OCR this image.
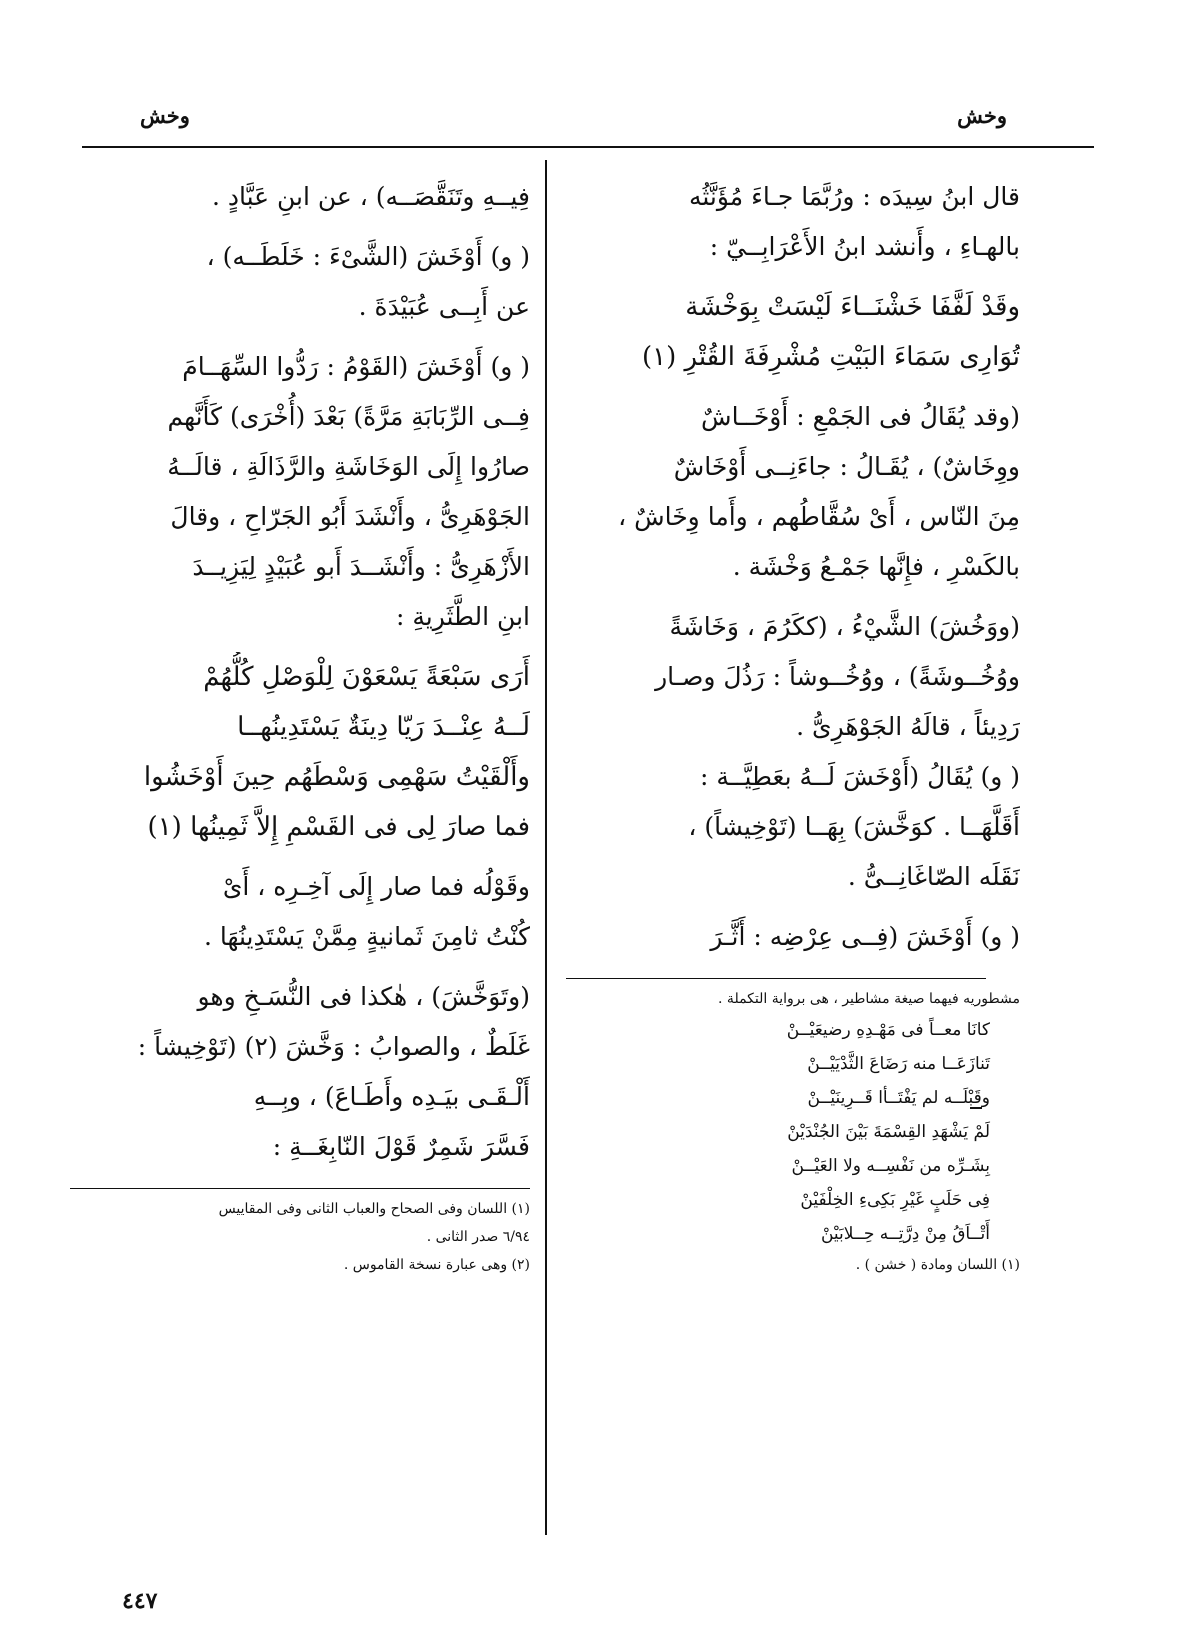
وخش
وخش
قال ابنُ سِيدَه : ورُبَّمَا جـاءَ مُؤَنَّثُه
بالهـاءِ ، وأَنشد ابنُ الأَعْرَابِــيّ :
وقَدْ لَفَّفَا خَشْنَــاءَ لَيْسَتْ بِوَخْشَة
تُوَارِى سَمَاءَ البَيْتِ مُشْرِفَةَ القُتْرِ (١)
(وقد يُقَالُ فى الجَمْعِ : أَوْخَــاشٌ
ووِخَاشٌ) ، يُقَـالُ : جاءَنِــى أَوْخَاشٌ
مِنَ النّاس ، أَىْ سُقَّاطُهم ، وأَما وِخَاشٌ ،
بالكَسْرِ ، فإِنَّها جَمْـعُ وَخْشَة .
(ووَخُشَ) الشَّيْءُ ، (ككَرُمَ ، وَخَاشَةً
ووُخُــوشَةً) ، ووُخُــوشاً : رَذُلَ وصـار
رَدِيئاً ، قالَهُ الجَوْهَرِىُّ .
( و) يُقَالُ (أَوْخَشَ لَــهُ بعَطِيَّــة :
أَقَلَّهَــا . كوَخَّشَ) بِهَــا (تَوْخِيشاً) ،
نَقَلَه الصّاغَانِــىُّ .
( و) أَوْخَشَ (فِــى عِرْضِه : أَثَّـرَ
مشطوريه فيهما صيغة مشاطير ، هى برواية التكملة .
كانَا معــاً فى مَهْـدِهِ رضيعَيْــنْ
تَنازَعَــا منه رَضَاعَ الثَّدْيَيْــنْ
وقَبْلَــه لم يَفْتَــأا قَــرِينَيْــنْ
لَمْ يَشْهَدِ القِسْمَةَ بَيْنَ الجُنْدَيْنْ
بِشَـرِّه من نَفْسِــه ولا العَيْــنْ
فِى حَلَبٍ غَيْرِ بَكِىءِ الخِلْفَيْنْ
أَتْــاَقُ مِنْ دِرَّتِــه حِــلابَيْنْ
(١) اللسان ومادة ( خشن ) .
فِيــهِ وتَنَقَّصَــه) ، عن ابنِ عَبَّادٍ .
( و) أَوْخَشَ (الشَّىْءَ : خَلَطَــه) ،
عن أَبِــى عُبَيْدَةَ .
( و) أَوْخَشَ (القَوْمُ : رَدُّوا السِّهَــامَ
فِــى الرِّبَابَةِ مَرَّةً) بَعْدَ (أُخْرَى) كَأَنَّهم
صارُوا إِلَى الوَخَاشَةِ والرَّذَالَةِ ، قالَــهُ
الجَوْهَرِىُّ ، وأَنْشَدَ أَبُو الجَرّاحِ ، وقالَ
الأَزْهَرِىُّ : وأَنْشَــدَ أَبو عُبَيْدٍ لِيَزِيــدَ
ابنِ الطَّثَرِيةِ :
أَرَى سَبْعَةً يَسْعَوْنَ لِلْوَصْلِ كُلُّهُمْ
لَــهُ عِنْــدَ رَيّا دِينَةٌ يَسْتَدِينُهــا
وأَلْقَيْتُ سَهْمِى وَسْطَهُم حِينَ أَوْخَشُوا
فما صارَ لِى فى القَسْمِ إِلاَّ ثَمِينُها (١)
وقَوْلُه فما صار إِلَى آخِـرِه ، أَىْ
كُنْتُ ثامِنَ ثَمانيةٍ مِمَّنْ يَسْتَدِينُهَا .
(وتَوَخَّشَ) ، هٰكذا فى النُّسَـخِ وهو
غَلَطٌ ، والصوابُ : وَخَّشَ (٢) (تَوْخِيشاً :
أَلْـقَـى بيَـدِه وأَطَـاعَ) ، وبِــهِ
فَسَّرَ شَمِرٌ قَوْلَ النّابِغَــةِ :
(١) اللسان وفى الصحاح والعباب الثانى وفى المقاييس
٦/٩٤ صدر الثانى .
(٢) وهى عبارة نسخة القاموس .
٤٤٧
